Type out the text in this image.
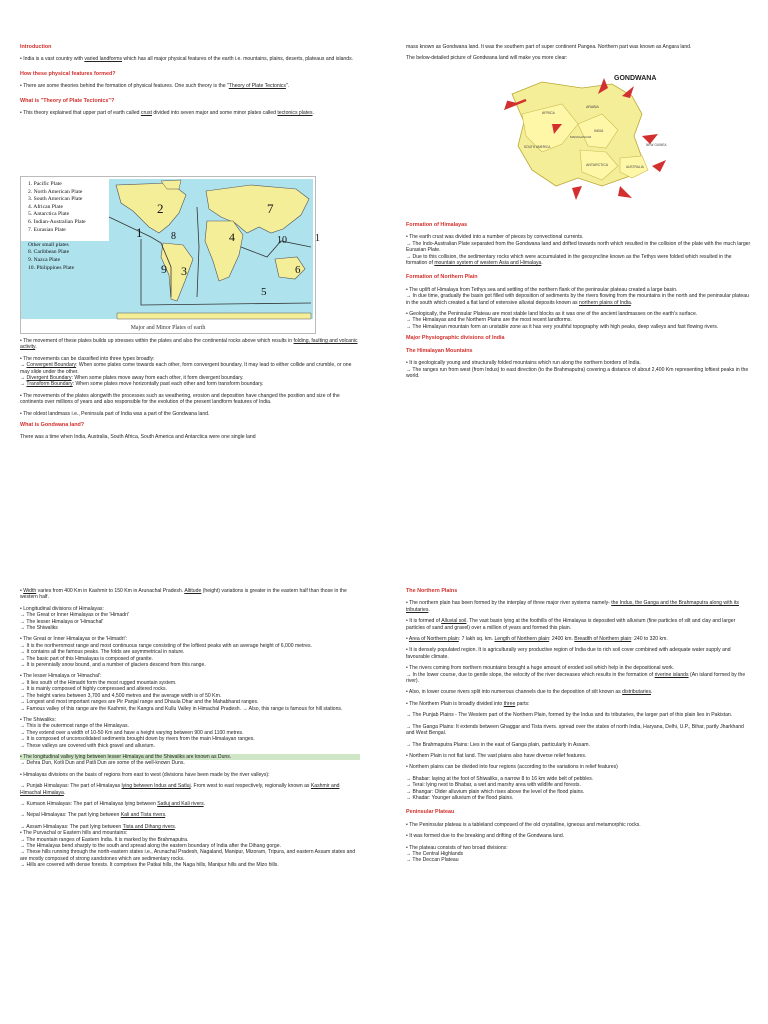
Introduction

• India is a vast country with varied landforms which has all major physical features of the earth i.e. mountains, plains, deserts, plateaus and islands.

How these physical features formed?

• There are some theories behind the formation of physical features. One such theory is the "Theory of Plate Tectonics".

What is "Theory of Plate Tectonics"?

• This theory explained that upper part of earth called crust divided into seven major and some minor plates called tectonics plates.

1	1
2
3
4
5
6
7
8
9
10
1. Pacific Plate
2. North American Plate
3. South American Plate
4. African Plate
5. Antarctica Plate
6. Indian-Australian Plate
7. Eurasian Plate

Other small plates
8. Caribbean Plate
9. Nazca Plate
10. Philippines Plate
Major and Minor Plates of earth

• The movement of these plates builds up stresses within the plates and also the continental rocks above which results in folding, faulting and volcanic activity.

• The movements can be classified into three types broadly:
→ Convergent Boundary: When some plates come towards each other, form convergent boundary. It may lead to either collide and crumble, or one may slide under the other.
→ Divergent Boundary: When some plates move away from each other, it form divergent boundary.
→ Transform Boundary: When some plates move horizontally past each other and form transform boundary.

• The movements of the plates alongwith the processes such as weathering, erosion and deposition have changed the position and size of the continents over millions of years and also responsible for the evolution of the present landform features of India.

• The oldest landmass i.e., Peninsula part of India was a part of the Gondwana land.

What is Gondwana land?

There was a time when India, Australia, South Africa, South America and Antarctica were one single land

mass known as Gondwana land. It was the southern part of super continent Pangea. Northern part was known as Angara land.

The below-detailed picture of Gondwana land will make you more clear:

GONDWANA
AFRICA
ARABIA
INDIA
SOUTH AMERICA
ANTARCTICA	AUSTRALIA
NEW GUINEA
MADAGASCAR
Formation of Himalayas

• The earth crust was divided into a number of pieces by convectional currents.
→ The Indo-Australian Plate separated from the Gondwana land and drifted towards north which resulted in the collision of the plate with the much larger Eurasian Plate.
→ Due to this collision, the sedimentary rocks which were accumulated in the geosyncline known as the Tethys were folded which resulted in the formation of mountain system of western Asia and Himalaya.

Formation of Northern Plain

• The uplift of Himalaya from Tethys sea and settling of the northern flank of the peninsular plateau created a large basin.
→ In due time, gradually the basin got filled with deposition of sediments by the rivers flowing from the mountains in the north and the peninsular plateau in the south which created a flat land of extensive alluvial deposits known as northern plains of India.

• Geologically, the Peninsular Plateau are most stable land blocks as it was one of the ancient landmasses on the earth's surface.
→ The Himalayas and the Northern Plains are the most recent landforms.
→ The Himalayan mountain form an unstable zone as it has very youthful topography with high peaks, deep valleys and fast flowing rivers.

Major Physiographic divisions of India
The Himalayan Mountains

• It is geologically young and structurally folded mountains which run along the northern borders of India.
→ The ranges run from west (from Indus) to east direction (to the Brahmaputra) covering a distance of about 2,400 Km representing loftiest peaks in the world.

• Width varies from 400 Km in Kashmir to 150 Km in Arunachal Pradesh. Altitude (height) variations is greater in the eastern half than those in the western half.

• Longitudinal divisions of Himalayas:
→ The Great or Inner Himalayas or the 'Himadri'
→ The lesser Himalaya or 'Himachal'
→ The Shiwaliks

• The Great or Inner Himalayas or the 'Himadri':
→ It is the northernmost range and most continuous range consisting of the loftiest peaks with an average height of 6,000 metres.
→ It contains all the famous peaks. The folds are asymmetrical in nature.
→ The basic part of this Himalayas is composed of granite.
→ It is perennially snow bound, and a number of glaciers descend from this range.

• The lesser Himalaya or 'Himachal':
→ It lies south of the Himadri form the most rugged mountain system.
→ It is mainly composed of highly compressed and altered rocks.
→ The height varies between 3,700 and 4,500 metres and the average width is of 50 Km.
→ Longest and most important ranges are Pir Panjal range and Dhaula Dhar and the Mahabharat ranges.
→ Famous valley of this range are the Kashmir, the Kangra and Kullu Valley in Himachal Pradesh. → Also, this range is famous for hill stations.

• The Shiwaliks:
→ This is the outermost range of the Himalayas.
→ They extend over a width of 10-50 Km and have a height varying between 900 and 1100 metres.
→ It is composed of unconsolidated sediments brought down by rivers from the main Himalayan ranges.
→ These valleys are covered with thick gravel and alluvium.

• The longitudinal valley lying between lesser Himalaya and the Shiwaliks are known as Duns.
→ Dehra Dun, Kotli Dun and Patli Dun are some of the well-known Duns.

• Himalayas divisions on the basis of regions from east to west (divisions have been made by the river valleys):

→ Punjab Himalayas: The part of Himalayas lying between Indus and Satluj. From west to east respectively, regionally known as Kashmir and Himachal Himalaya.

→ Kumaon Himalayas: The part of Himalayas lying between Satluj and Kali rivers.

→ Nepal Himalayas: The part lying between Kali and Tista rivers.

→ Assam Himalayas: The part lying between Tista and Dihang rivers.
• The Purvachal or Eastern hills and mountains:
→ The mountain ranges of Eastern India. It is marked by the Brahmaputra.
→ The Himalayas bend sharply to the south and spread along the eastern boundary of India after the Dihang gorge.
→ These hills running through the north-eastern states i.e., Arunachal Pradesh, Nagaland, Manipur, Mizoram, Tripura, and eastern Assam states and are mostly composed of strong sandstones which are sedimentary rocks.
→ Hills are covered with dense forests. It comprises the Patkai hills, the Naga hills, Manipur hills and the Mizo hills.

The Northern Plains

• The northern plain has been formed by the interplay of three major river systems namely- the Indus, the Ganga and the Brahmaputra along with its tributaries.

• It is formed of Alluvial soil. The vast basin lying at the foothills of the Himalayas is deposited with alluvium (fine particles of silt and clay and larger particles of sand and gravel) over a million of years and formed this plain.

• Area of Northern plain: 7 lakh sq. km. Length of Northern plain: 2400 km. Breadth of Northern plain: 240 to 320 km.

• It is densely populated region. It is agriculturally very productive region of India due to rich soil cover combined with adequate water supply and favourable climate.

• The rivers coming from northern mountains brought a huge amount of eroded soil which help in the depositional work.
→ In the lower course, due to gentle slope, the velocity of the river decreases which results in the formation of riverine islands (An island formed by the river).

• Also, in lower course rivers split into numerous channels due to the deposition of silt known as distributaries.

• The Northern Plain is broadly divided into three parts:

→ The Punjab Plains - The Western part of the Northern Plain, formed by the Indus and its tributaries, the larger part of this plain lies in Pakistan.

→ The Ganga Plains: It extends between Ghaggar and Tista rivers. spread over the states of north India, Haryana, Delhi, U.P., Bihar, partly Jharkhand and West Bengal.

→ The Brahmaputra Plains: Lies in the east of Ganga plain, particularly in Assam.

• Northern Plain is not flat land. The vast plains also have diverse relief features.

• Northern plains can be divided into four regions (according to the variations in relief features)

→ Bhabar: laying at the foot of Shiwaliks, a narrow 8 to 16 km wide belt of pebbles.
→ Terai: lying next to Bhabar, a wet and marshy area with wildlife and forests.
→ Bhangar: Older alluvium plain which rises above the level of the flood plains.
→ Khadar: Younger alluvium of the flood plains.

Peninsular Plateau

• The Peninsular plateau is a tableland composed of the old crystalline, igneous and metamorphic rocks.

• It was formed due to the breaking and drifting of the Gondwana land.

• The plateau consists of two broad divisions:
→ The Central Highlands
→ The Deccan Plateau
